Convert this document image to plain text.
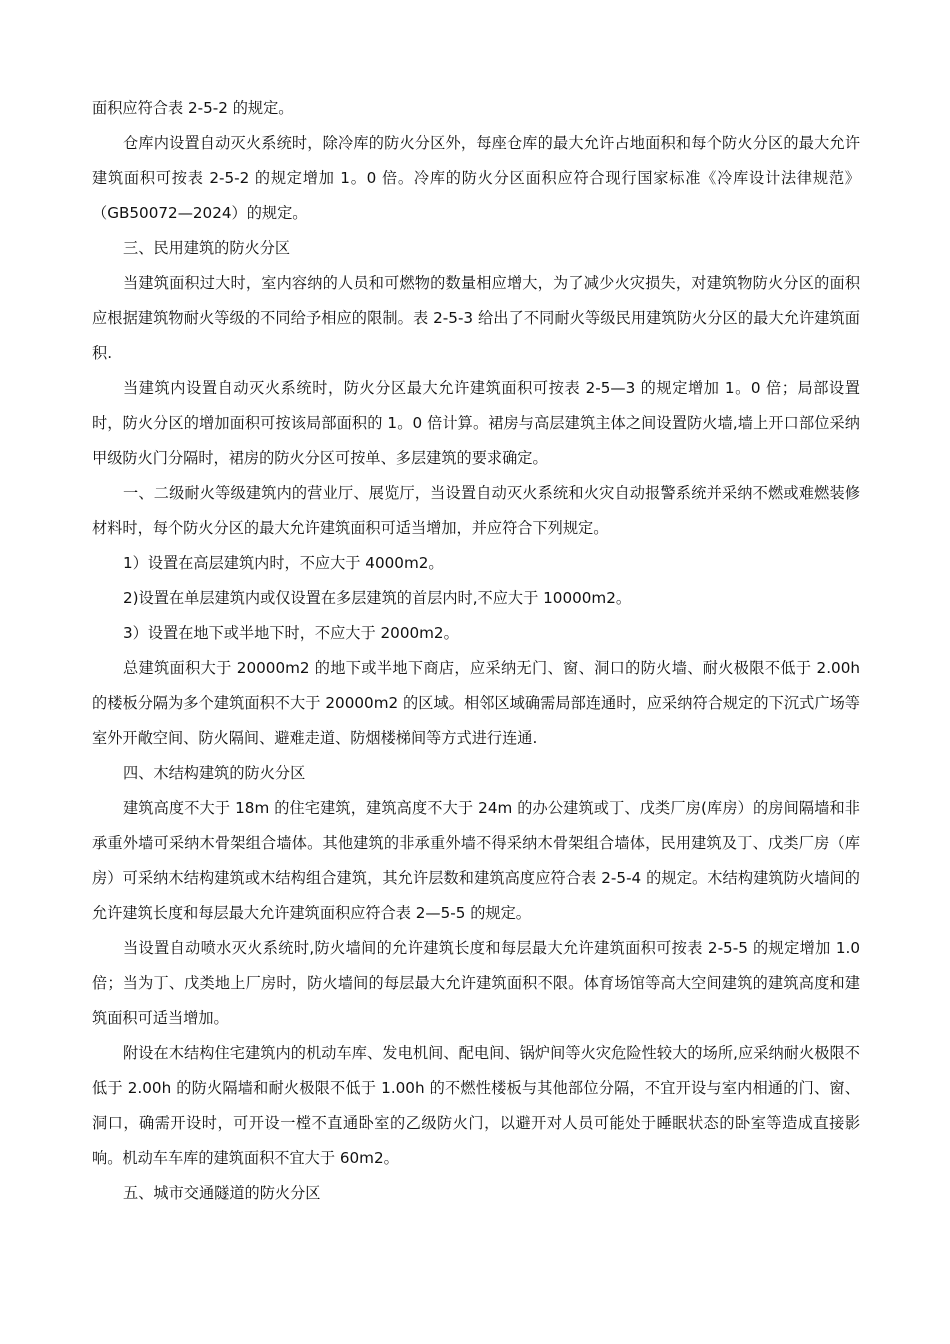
面积应符合表 2-5-2 的规定。

仓库内设置自动灭火系统时，除冷库的防火分区外，每座仓库的最大允许占地面积和每个防火分区的最大允许建筑面积可按表 2-5-2 的规定增加 1。0 倍。冷库的防火分区面积应符合现行国家标准《冷库设计法律规范》（GB50072—2024）的规定。

三、民用建筑的防火分区

当建筑面积过大时，室内容纳的人员和可燃物的数量相应增大，为了减少火灾损失，对建筑物防火分区的面积应根据建筑物耐火等级的不同给予相应的限制。表 2-5-3 给出了不同耐火等级民用建筑防火分区的最大允许建筑面积.

当建筑内设置自动灭火系统时，防火分区最大允许建筑面积可按表 2-5—3 的规定增加 1。0 倍；局部设置时，防火分区的增加面积可按该局部面积的 1。0 倍计算。裙房与高层建筑主体之间设置防火墙,墙上开口部位采纳甲级防火门分隔时，裙房的防火分区可按单、多层建筑的要求确定。

一、二级耐火等级建筑内的营业厅、展览厅，当设置自动灭火系统和火灾自动报警系统并采纳不燃或难燃装修材料时，每个防火分区的最大允许建筑面积可适当增加，并应符合下列规定。

1）设置在高层建筑内时，不应大于 4000m2。

2)设置在单层建筑内或仅设置在多层建筑的首层内时,不应大于 10000m2。

3）设置在地下或半地下时，不应大于 2000m2。

总建筑面积大于 20000m2 的地下或半地下商店，应采纳无门、窗、洞口的防火墙、耐火极限不低于 2.00h 的楼板分隔为多个建筑面积不大于 20000m2 的区域。相邻区域确需局部连通时，应采纳符合规定的下沉式广场等室外开敞空间、防火隔间、避难走道、防烟楼梯间等方式进行连通.

四、木结构建筑的防火分区

建筑高度不大于 18m 的住宅建筑，建筑高度不大于 24m 的办公建筑或丁、戊类厂房(库房）的房间隔墙和非承重外墙可采纳木骨架组合墙体。其他建筑的非承重外墙不得采纳木骨架组合墙体，民用建筑及丁、戊类厂房（库房）可采纳木结构建筑或木结构组合建筑，其允许层数和建筑高度应符合表 2-5-4 的规定。木结构建筑防火墙间的允许建筑长度和每层最大允许建筑面积应符合表 2—5-5 的规定。

当设置自动喷水灭火系统时,防火墙间的允许建筑长度和每层最大允许建筑面积可按表 2-5-5 的规定增加 1.0 倍；当为丁、戊类地上厂房时，防火墙间的每层最大允许建筑面积不限。体育场馆等高大空间建筑的建筑高度和建筑面积可适当增加。

附设在木结构住宅建筑内的机动车库、发电机间、配电间、锅炉间等火灾危险性较大的场所,应采纳耐火极限不低于 2.00h 的防火隔墙和耐火极限不低于 1.00h 的不燃性楼板与其他部位分隔，不宜开设与室内相通的门、窗、洞口，确需开设时，可开设一樘不直通卧室的乙级防火门，以避开对人员可能处于睡眠状态的卧室等造成直接影响。机动车车库的建筑面积不宜大于 60m2。

五、城市交通隧道的防火分区
